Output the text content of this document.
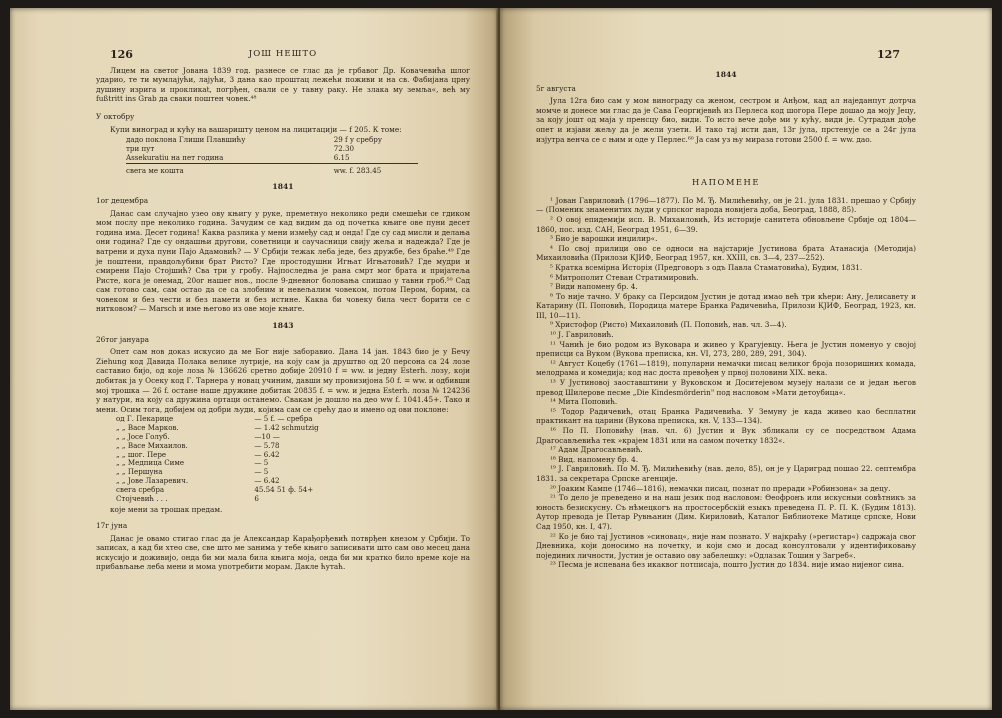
126	ЈОШ НЕШТО

Лицем на светог Јована 1839 год. разнесе се глас да је грбавог Др. Ковачевића шлог ударио, те ти мумлајући, лајући, 3 дана као проштац лежећи поживи и на св. Фабијана црну душину изригa и прокликаt, погрђен, свали се у тавну раку. Не злака му земља«, већ му fußtritt ins Grab да сваки поштен човек.⁴⁸

У октобру

Купи виноград и кућу на вашаришту ценом на лицитацији — f 205. К томе:

дадо поклона Глиши Плавшићу	29 f у сребру
три пут	72.30
Assekuratiu на пет година	6.15
свега ме кошта	ww. f. 283.45
1841
1ог децембра

Данас сам случајно узео ову књигу у руке, преметнуо неколико реди смешећи се гдиком мом послу пре неколико година. Зачудим се кад видим да од почетка књиге ове пуни десет година има. Десет година! Каква разлика у мени између сад и онда! Где су сад мисли и делања они година? Где су ондашњи другови, советници и саучасници свију жеља и надежда? Где је ватрени и духа пуни Пајо Адамовић? — У Србији тежак лебa једе, без дружбе, без браће.⁴⁹ Где је поштени, правдољубиви брат Ристо? Где простодушни Игњат Игњатовић? Где мудри и смирени Пајо Стојшић? Сва три у гробу. Најпоследња је рана смрт мог брата и пријатеља Ристе, кога је онемад, 20ог нашег нов., после 9-дневног боловања спишао у тавни гроб.⁵⁰ Сад сам готово сам, сам остао да се са злобним и невељалим човеком, потом Пером, борим, са човеком и без чести и без памети и без истине. Каква би човеку била чест борити се с нитковом? — Marsch и име његово из ове моје књиге.

1843
26тог јануара

Опет сам нов доказ искусио да ме Бог није заборавио. Дана 14 јан. 1843 био је у Бечу Ziehung код Давида Полака велике лутрије, на коју сам ја друштво од 20 персона са 24 лозе саставио бијо, од које лоза № 136626 сретно добије 20910 f = ww. и једну Esterh. лозу, који добитак ја у Осеку код Г. Тарнера у новац учиним, давши му провизијона 50 f. = ww. и одбивши мој трошка — 26 f. остане наше дружине добитак 20835 f. = ww. и једна Esterh. лоза № 124236 у натури, на коју са дружина ортаци останемо. Свакам је дошло на део ww f. 1041.45+. Тако и мени. Осим тога, добијем од добри људи, којима сам се срећу дао и имено од ови поклоне:

од Г. Пекарице	— 5 f. — сребра
„ „ Васе Марков.	— 1.42 schmutzig
„ „ Јосе Голуб.	—10 —
„ „ Васе Михаилов.	— 5.78
„ „ шог. Пере	— 6.42
„ „ Медпица Симе	— 5
„ „ Першуна	— 5
„ „ Јове Лазаревич.	— 6.42
свега сребра	45.54 51 ф. 54+
Стојчевић . . .	6

које мени за трошак предам.

17г јуна

Данас је овамо стигао глас да је Александар Карађорђевић потврђен кнезом у Србији. То записах, а кад би хтео све, све што ме занима у тебе књиго записивати што сам ово месец дана искусијо и доживијо, онда би ми мала била књига моја, онда би ми кратко било време које на прибављање леба мени и мома употребити морам. Дакле ћутаћ.

127
1844
5г августа

Јула 12га био сам у мом винограду са женом, сестром и Анђом, кад ал наједанпут дотрча момче и донесе ми глас да је Сава Георгијевић из Перлеса код шогора Пере дошао да моју Јецу, за коју јошт од маја у пренсцу био, види. То исто вече дође ми у кућу, види је. Сутрадан дође опет и изјави жељу да је жели узети. И тако тај исти дан, 13г јула, прстенује се а 24г јула изјутра венча се с њим и оде у Перлес.⁶⁰ Ја сам уз њу мираза готови 2500 f. = ww. дао.

НАПОМЕНЕ

¹ Јован Гавриловић (1796—1877). По М. Ђ. Милићевићу, он је 21. јула 1831. прешао у Србију — (Поменик знаменитих људи у српског народа новијега доба, Београд, 1888, 85).

² О овој епидемији исп. В. Михаиловић, Из историје санитета обновљене Србије од 1804—1860, пос. изд. САН, Београд 1951, 6—39.

³ Био је варошки инџилир«.

⁴ По свој прилици ово се односи на најстарије Јустинова брата Атанасија (Методија) Михаиловића (Прилози КЈИФ, Београд 1957, кн. XXIII, св. 3—4, 237—252).

⁵ Кратка всемірна Исторія (Предговоръ з одъ Павла Стаматовића), Будим, 1831.

⁶ Митрополит Стеван Стратимировић.

⁷ Види напомену бр. 4.

⁸ То није тачно. У браку са Персидом Јустин је дотад имао већ три кћери: Ану, Јелисавету и Катарину (П. Поповић, Породица матере Бранка Радичевића, Прилози КЈИФ, Београд, 1923, кн. III, 10—11).

⁹ Христофор (Ристо) Михаиловић (П. Поповић, нав. чл. 3—4).

¹⁰ Ј. Гавриловић.

¹¹ Чанић је био родом из Вуковара и живео у Крагујевцу. Њега је Јустин поменуо у својој преписци са Вуком (Вукова преписка, кн. VI, 273, 280, 289, 291, 304).

¹² Август Коцебу (1761—1819), популарни немачки писац великог броја позоришних комада, мелодрама и комедија; код нас доста превођен у првој половини XIX. века.

¹³ У Јустиновој заоставштини у Вуковском и Доситејевом музеју налази се и један његов превод Шилерове песме „Die Kindesmörderin" под насловом »Мати детоубица«.

¹⁴ Мита Поповић.

¹⁵ Тодор Радичевић, отац Бранка Радичевића. У Земуну је када живео као бесплатни практикант на царини (Вукова преписка, кн. V, 133—134).

¹⁶ По П. Поповићу (нав. чл. 6) Јустин и Вук збликали су се посредством Адама Драгосављевића тек »крајем 1831 или на самом почетку 1832«.

¹⁷ Адам Драгосављевић.

¹⁸ Вид. напомену бр. 4.

¹⁹ Ј. Гавриловић. По М. Ђ. Милићевићу (нав. дело, 85), он је у Цариград пошао 22. септембра 1831. за секретара Српске агенције.

²⁰ Јоаким Кампе (1746—1816), немачки писац, познат по преради »Робинзона« за децу.

²¹ То дело је преведено и на наш језик под насловом: Ѳеофронъ или искусныи совѣтникъ за юность безискусну. Съ нѣмецкогъ на простосербскій езыкъ преведена П. Р. П. К. (Будим 1813). Аутор превода је Петар Рувњанин (Дим. Кириловић, Каталог Библиотеке Матице српске, Нови Сад 1950, кн. I, 47).

²² Ко је био тај Јустинов »синовац«, није нам познато. У најкраћу (»регистар«) садржаја свог Дневника, који доносимо на почетку, и који смо и досад консултовали у идентификовању појединих личности, Јустин је оставио ову забелешку: »Одлазак Тошин у Загреб«.

²³ Песма је испевана без икаквог потписаја, пошто Јустин до 1834. није имао нијеног сина.
